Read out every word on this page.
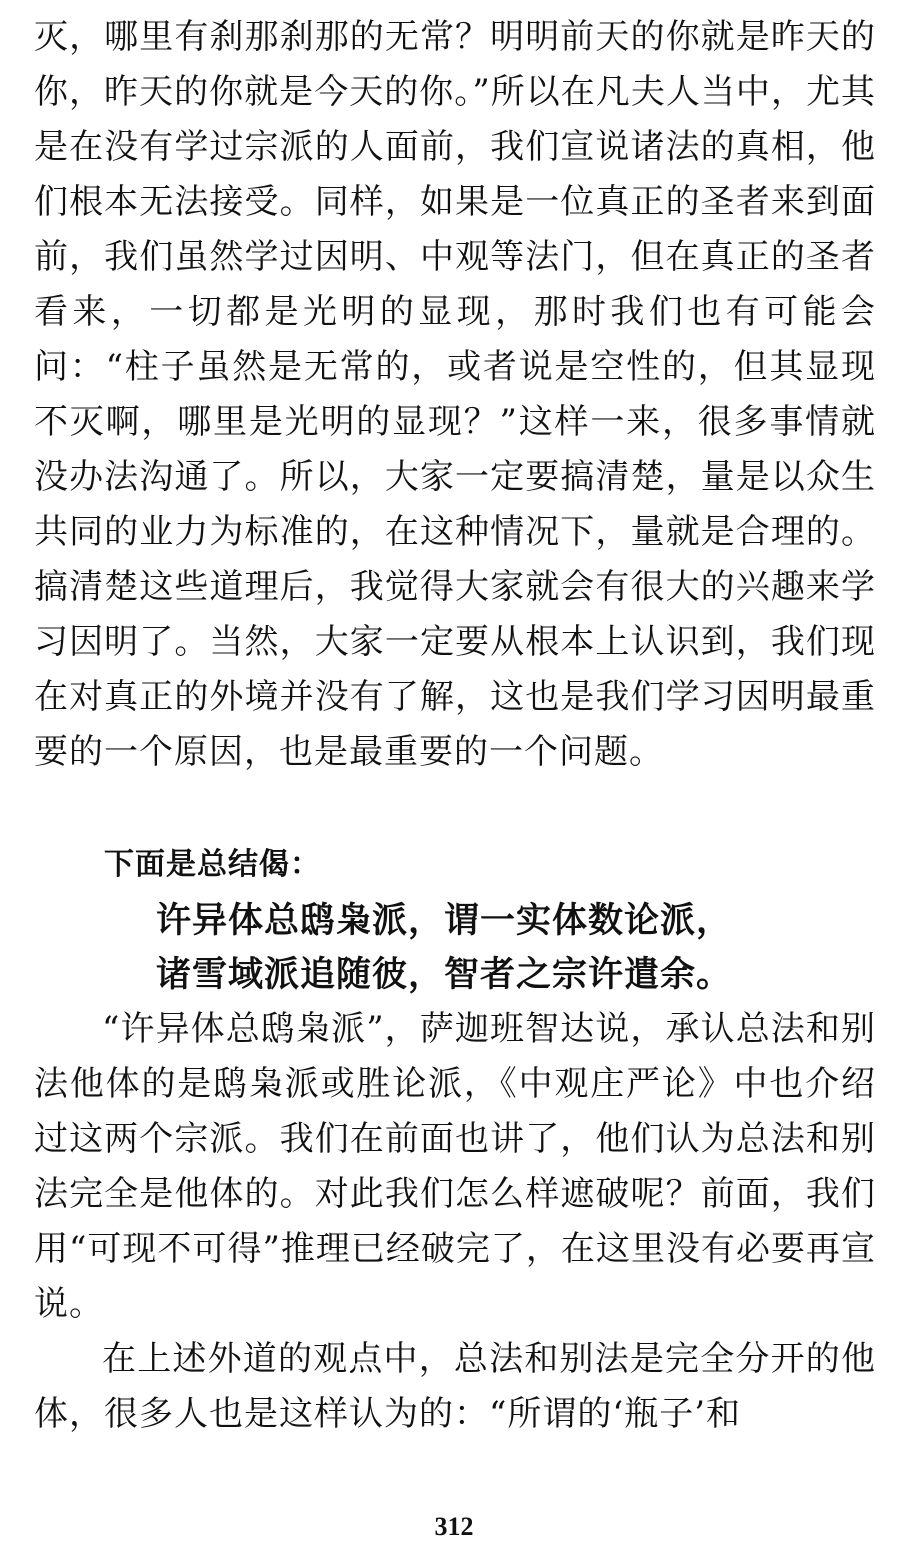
灭，哪里有刹那刹那的无常？明明前天的你就是昨天的你，昨天的你就是今天的你。”所以在凡夫人当中，尤其是在没有学过宗派的人面前，我们宣说诸法的真相，他们根本无法接受。同样，如果是一位真正的圣者来到面前，我们虽然学过因明、中观等法门，但在真正的圣者看来，一切都是光明的显现，那时我们也有可能会问：“柱子虽然是无常的，或者说是空性的，但其显现不灭啊，哪里是光明的显现？”这样一来，很多事情就没办法沟通了。所以，大家一定要搞清楚，量是以众生共同的业力为标准的，在这种情况下，量就是合理的。搞清楚这些道理后，我觉得大家就会有很大的兴趣来学习因明了。当然，大家一定要从根本上认识到，我们现在对真正的外境并没有了解，这也是我们学习因明最重要的一个原因，也是最重要的一个问题。

下面是总结偈：

许异体总鸱枭派，谓一实体数论派，

诸雪域派追随彼，智者之宗许遣余。

“许异体总鸱枭派”，萨迦班智达说，承认总法和别法他体的是鸱枭派或胜论派，《中观庄严论》中也介绍过这两个宗派。我们在前面也讲了，他们认为总法和别法完全是他体的。对此我们怎么样遮破呢？前面，我们用“可现不可得”推理已经破完了，在这里没有必要再宣说。

在上述外道的观点中，总法和别法是完全分开的他体，很多人也是这样认为的：“所谓的‘瓶子’和

312
